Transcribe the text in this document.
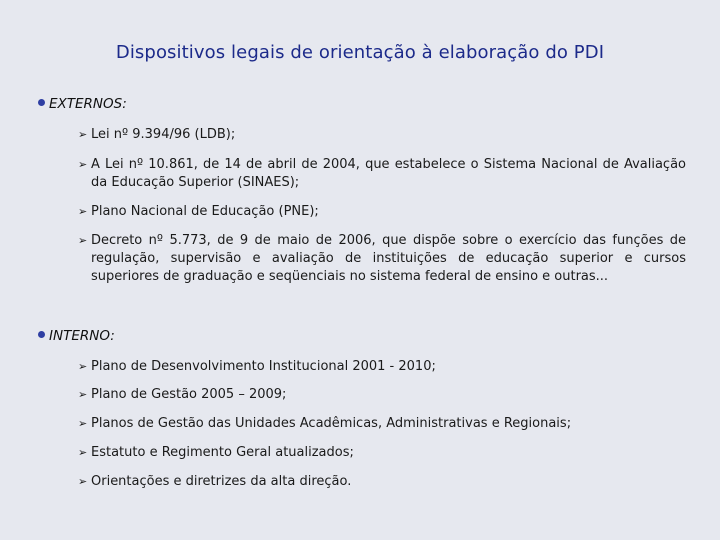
Dispositivos legais de orientação à elaboração do PDI
EXTERNOS:
➢ Lei nº 9.394/96 (LDB);
➢ A Lei nº 10.861, de 14 de abril de 2004, que estabelece o Sistema Nacional de Avaliação da Educação Superior (SINAES);
➢ Plano Nacional de Educação (PNE);
➢ Decreto nº 5.773, de 9 de maio de 2006, que dispõe sobre o exercício das funções de regulação, supervisão e avaliação de instituições de educação superior e cursos superiores de graduação e seqüenciais no sistema federal de ensino e outras...
INTERNO:
➢ Plano de Desenvolvimento Institucional 2001 - 2010;
➢ Plano de Gestão 2005 – 2009;
➢ Planos de Gestão das Unidades Acadêmicas, Administrativas e Regionais;
➢ Estatuto e Regimento Geral atualizados;
➢ Orientações e diretrizes da alta direção.
